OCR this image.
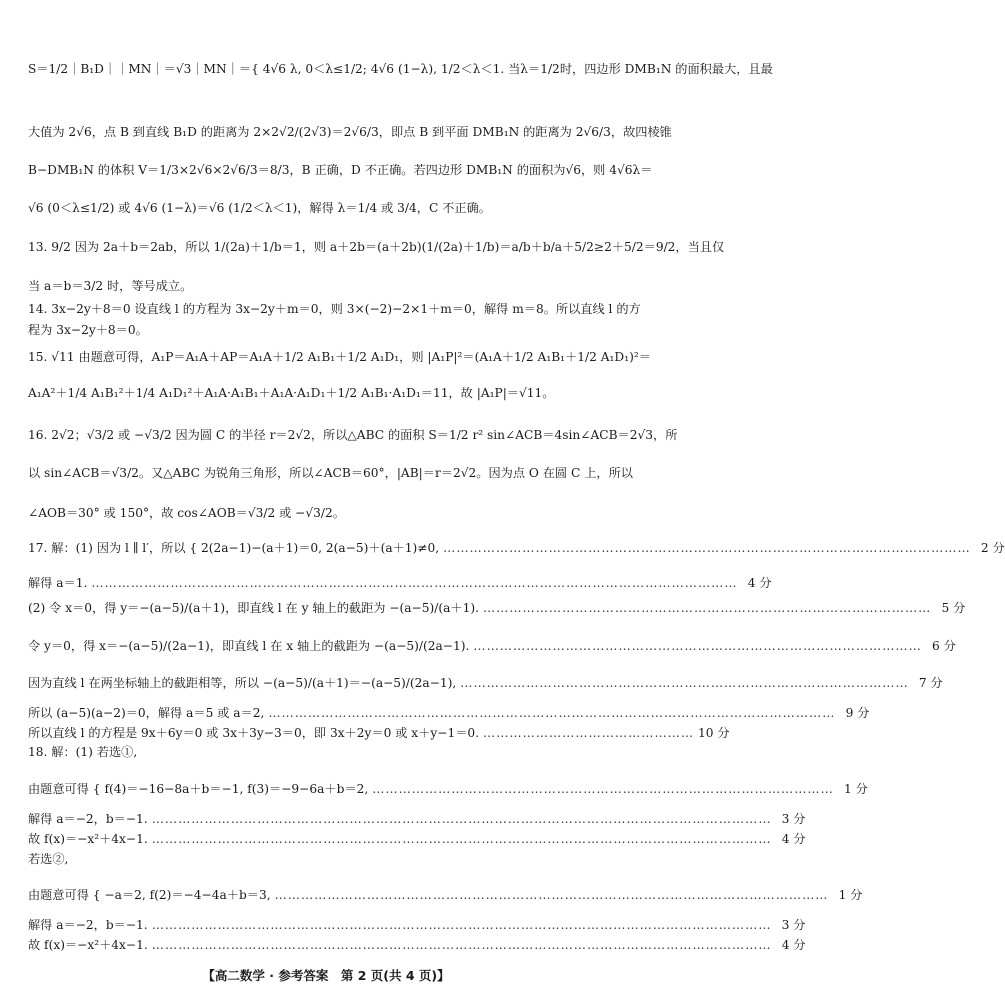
S＝1/2｜B₁D｜｜MN｜＝√3｜MN｜＝{ 4√6 λ, 0＜λ≤1/2; 4√6 (1−λ), 1/2＜λ＜1. 当λ＝1/2时，四边形 DMB₁N 的面积最大，且最
大值为 2√6，点 B 到直线 B₁D 的距离为 2×2√2/(2√3)＝2√6/3，即点 B 到平面 DMB₁N 的距离为 2√6/3，故四棱锥
B−DMB₁N 的体积 V＝1/3×2√6×2√6/3＝8/3，B 正确，D 不正确。若四边形 DMB₁N 的面积为√6，则 4√6λ＝
√6 (0＜λ≤1/2) 或 4√6 (1−λ)＝√6 (1/2＜λ＜1)，解得 λ＝1/4 或 3/4，C 不正确。
13. 9/2 因为 2a＋b＝2ab，所以 1/(2a)＋1/b＝1，则 a＋2b＝(a＋2b)(1/(2a)＋1/b)＝a/b＋b/a＋5/2≥2＋5/2＝9/2，当且仅
当 a＝b＝3/2 时，等号成立。
14. 3x−2y＋8＝0 设直线 l 的方程为 3x−2y＋m＝0，则 3×(−2)−2×1＋m＝0，解得 m＝8。所以直线 l 的方
程为 3x−2y＋8＝0。
15. √11 由题意可得，A₁P＝A₁A＋AP＝A₁A＋1/2 A₁B₁＋1/2 A₁D₁，则 |A₁P|²＝(A₁A＋1/2 A₁B₁＋1/2 A₁D₁)²＝
A₁A²＋1/4 A₁B₁²＋1/4 A₁D₁²＋A₁A·A₁B₁＋A₁A·A₁D₁＋1/2 A₁B₁·A₁D₁＝11，故 |A₁P|＝√11。
16. 2√2；√3/2 或 −√3/2 因为圆 C 的半径 r＝2√2，所以△ABC 的面积 S＝1/2 r² sin∠ACB＝4sin∠ACB＝2√3，所
以 sin∠ACB＝√3/2。又△ABC 为锐角三角形，所以∠ACB＝60°，|AB|＝r＝2√2。因为点 O 在圆 C 上，所以
∠AOB＝30° 或 150°，故 cos∠AOB＝√3/2 或 −√3/2。
17. 解：(1) 因为 l ∥ l′，所以 { 2(2a−1)−(a＋1)＝0, 2(a−5)＋(a＋1)≠0, ………………………………………………………………………………………………………… 2 分
解得 a＝1. ………………………………………………………………………………………………………………………………… 4 分
(2) 令 x＝0，得 y＝−(a−5)/(a＋1)，即直线 l 在 y 轴上的截距为 −(a−5)/(a＋1). ………………………………………………………………………………………… 5 分
令 y＝0，得 x＝−(a−5)/(2a−1)，即直线 l 在 x 轴上的截距为 −(a−5)/(2a−1). ………………………………………………………………………………………… 6 分
因为直线 l 在两坐标轴上的截距相等，所以 −(a−5)/(a＋1)＝−(a−5)/(2a−1), ………………………………………………………………………………………… 7 分
所以 (a−5)(a−2)＝0，解得 a＝5 或 a＝2, ………………………………………………………………………………………………………………… 9 分
所以直线 l 的方程是 9x＋6y＝0 或 3x＋3y−3＝0，即 3x＋2y＝0 或 x＋y−1＝0. ………………………………………… 10 分
18. 解：(1) 若选①,
由题意可得 { f(4)＝−16−8a＋b＝−1, f(3)＝−9−6a＋b＝2, …………………………………………………………………………………………… 1 分
解得 a＝−2，b＝−1. …………………………………………………………………………………………………………………………… 3 分
故 f(x)＝−x²＋4x−1. …………………………………………………………………………………………………………………………… 4 分
若选②,
由题意可得 { −a＝2, f(2)＝−4−4a＋b＝3, ……………………………………………………………………………………………………………… 1 分
解得 a＝−2，b＝−1. …………………………………………………………………………………………………………………………… 3 分
故 f(x)＝−x²＋4x−1. …………………………………………………………………………………………………………………………… 4 分
【高二数学 · 参考答案　第 2 页(共 4 页)】
